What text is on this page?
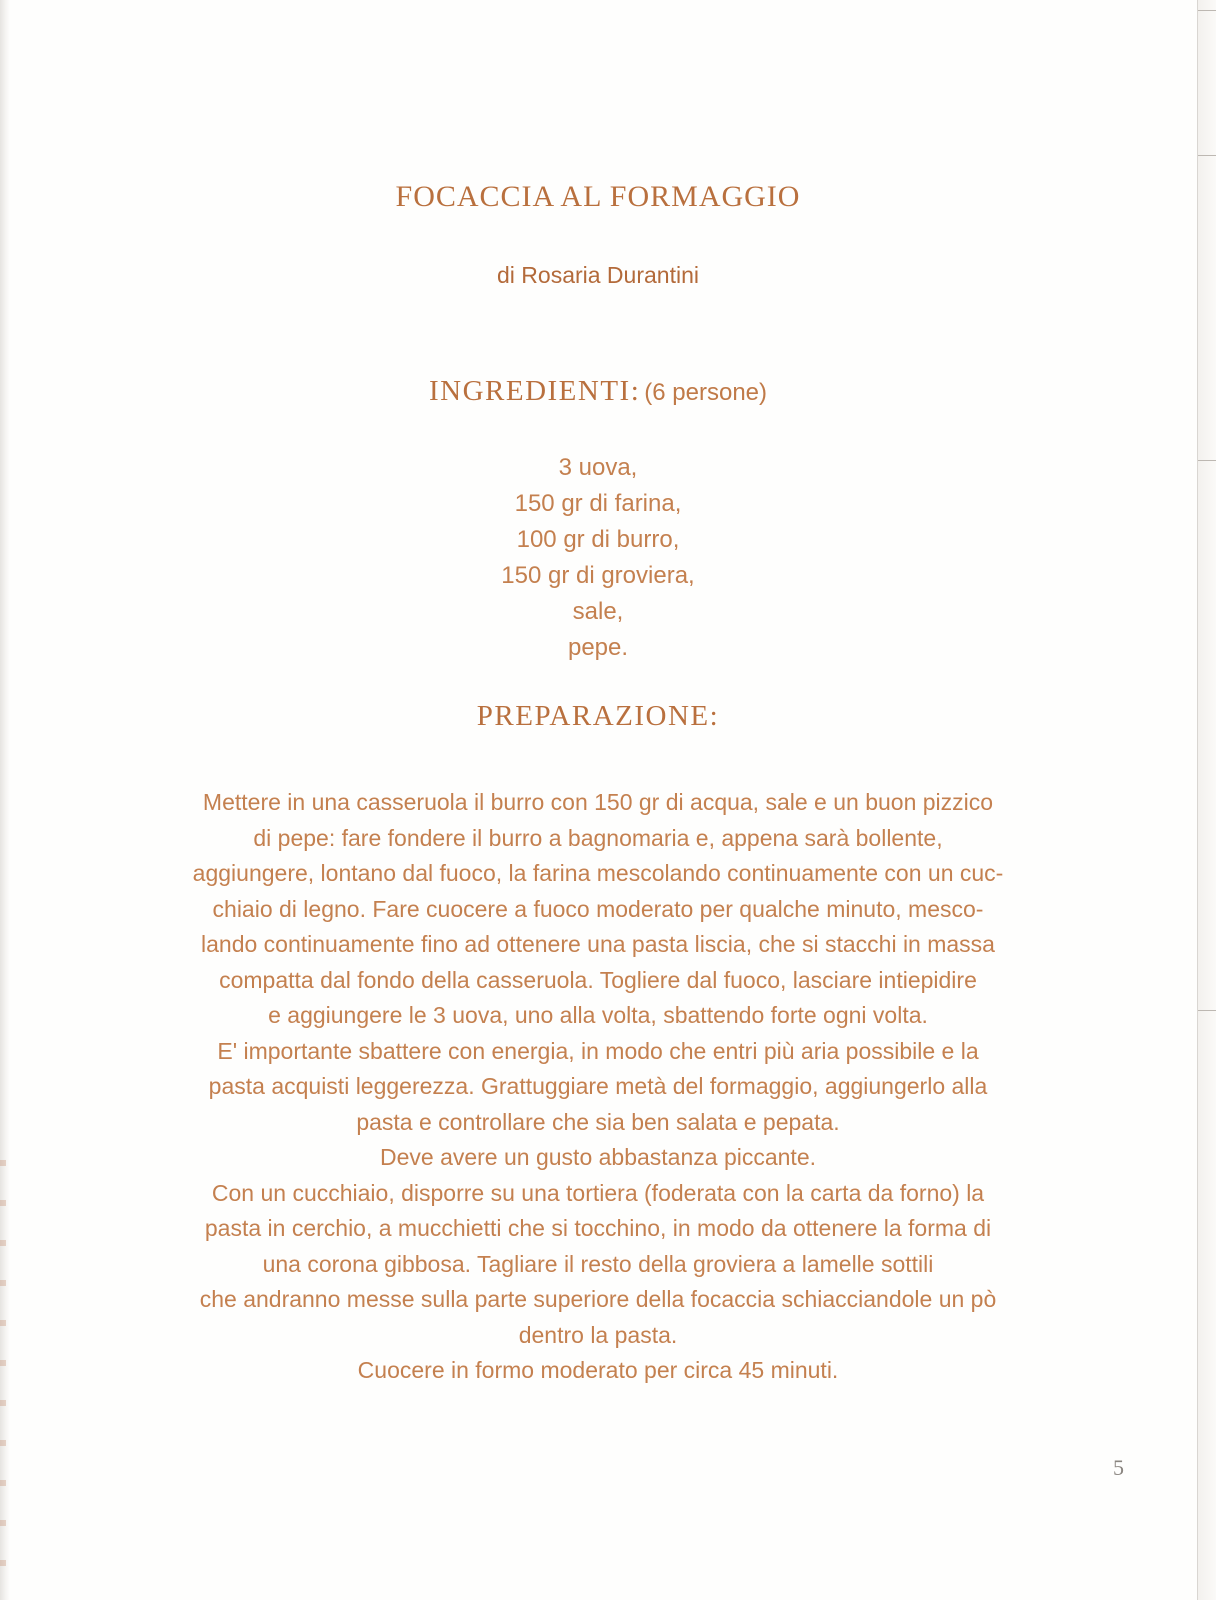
FOCACCIA AL FORMAGGIO
di Rosaria Durantini
INGREDIENTI: (6 persone)
3 uova,
150 gr di farina,
100 gr di burro,
150 gr di groviera,
sale,
pepe.
PREPARAZIONE:
Mettere in una casseruola il burro con 150 gr di acqua, sale e un buon pizzico
di pepe: fare fondere il burro a bagnomaria e, appena sarà bollente,
aggiungere, lontano dal fuoco, la farina mescolando continuamente con un cuc-
chiaio di legno. Fare cuocere a fuoco moderato per qualche minuto, mesco-
lando continuamente fino ad ottenere una pasta liscia, che si stacchi in massa
compatta dal fondo della casseruola. Togliere dal fuoco, lasciare intiepidire
e aggiungere le 3 uova, uno alla volta, sbattendo forte ogni volta.
E' importante sbattere con energia, in modo che entri più aria possibile e la
pasta acquisti leggerezza. Grattuggiare metà del formaggio, aggiungerlo alla
pasta e controllare che sia ben salata e pepata.
Deve avere un gusto abbastanza piccante.
Con un cucchiaio, disporre su una tortiera (foderata con la carta da forno) la
pasta in cerchio, a mucchietti che si tocchino, in modo da ottenere la forma di
una corona gibbosa. Tagliare il resto della groviera a lamelle sottili
che andranno messe sulla parte superiore della focaccia schiacciandole un pò
dentro la pasta.
Cuocere in formo moderato per circa 45 minuti.
5
